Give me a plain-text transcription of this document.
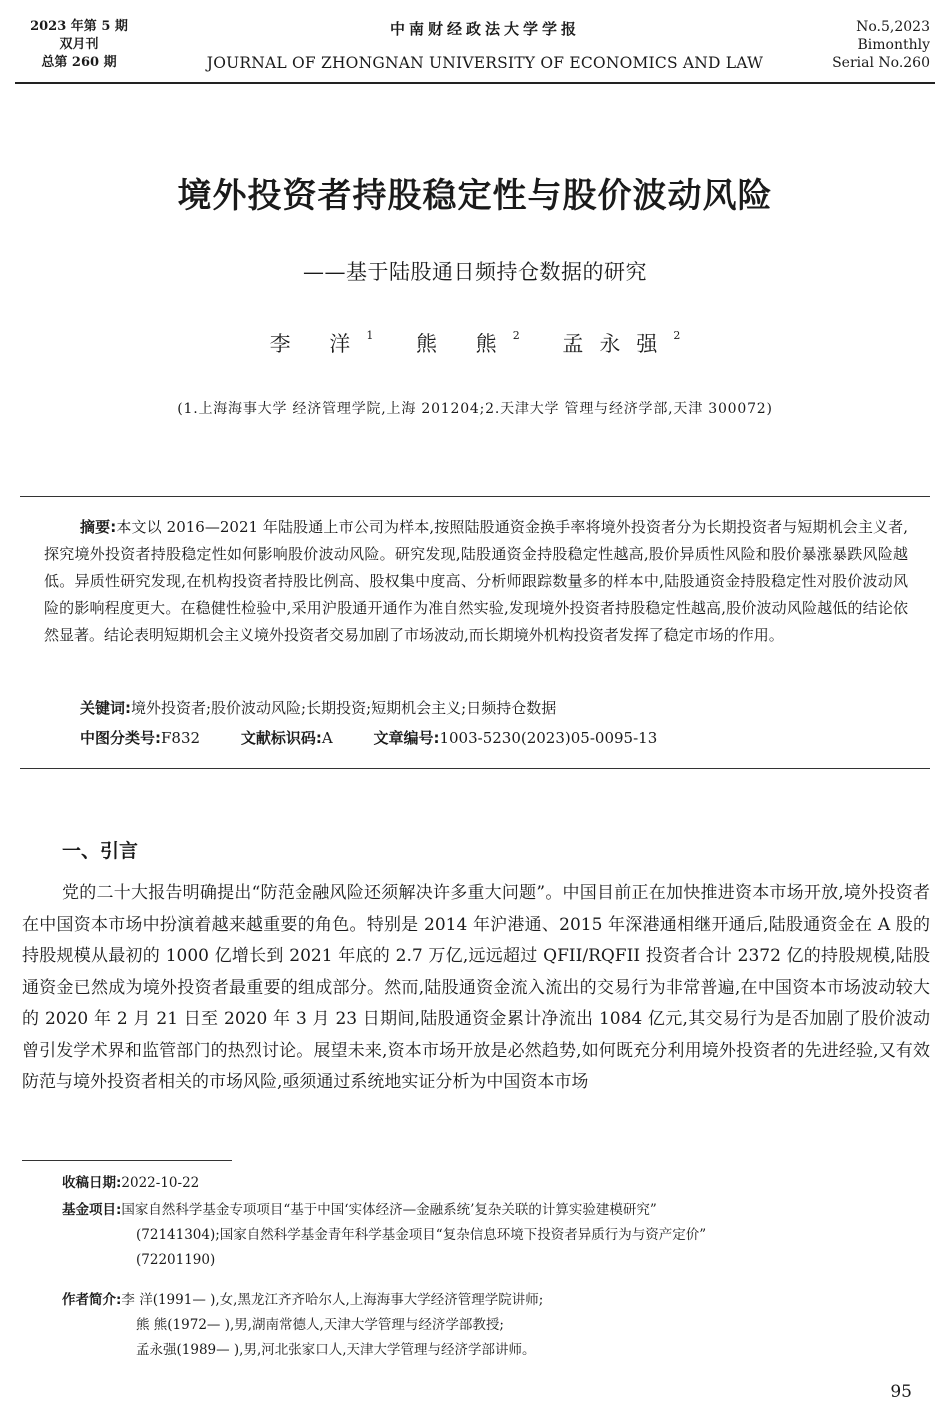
2023 年第 5 期
双月刊
总第 260 期
中南财经政法大学学报
JOURNAL OF ZHONGNAN UNIVERSITY OF ECONOMICS AND LAW
No.5,2023
Bimonthly
Serial No.260
境外投资者持股稳定性与股价波动风险
——基于陆股通日频持仓数据的研究
李 洋$^1$ 熊 熊$^2$ 孟永强$^2$
(1.上海海事大学 经济管理学院,上海 201204;2.天津大学 管理与经济学部,天津 300072)
摘要:本文以 2016—2021 年陆股通上市公司为样本,按照陆股通资金换手率将境外投资者分为长期投资者与短期机会主义者,探究境外投资者持股稳定性如何影响股价波动风险。研究发现,陆股通资金持股稳定性越高,股价异质性风险和股价暴涨暴跌风险越低。异质性研究发现,在机构投资者持股比例高、股权集中度高、分析师跟踪数量多的样本中,陆股通资金持股稳定性对股价波动风险的影响程度更大。在稳健性检验中,采用沪股通开通作为准自然实验,发现境外投资者持股稳定性越高,股价波动风险越低的结论依然显著。结论表明短期机会主义境外投资者交易加剧了市场波动,而长期境外机构投资者发挥了稳定市场的作用。
关键词:境外投资者;股价波动风险;长期投资;短期机会主义;日频持仓数据
中图分类号:F832	文献标识码:A	文章编号:1003-5230(2023)05-0095-13
一、引言
党的二十大报告明确提出“防范金融风险还须解决许多重大问题”。中国目前正在加快推进资本市场开放,境外投资者在中国资本市场中扮演着越来越重要的角色。特别是 2014 年沪港通、2015 年深港通相继开通后,陆股通资金在 A 股的持股规模从最初的 1000 亿增长到 2021 年底的 2.7 万亿,远远超过 QFII/RQFII 投资者合计 2372 亿的持股规模,陆股通资金已然成为境外投资者最重要的组成部分。然而,陆股通资金流入流出的交易行为非常普遍,在中国资本市场波动较大的 2020 年 2 月 21 日至 2020 年 3 月 23 日期间,陆股通资金累计净流出 1084 亿元,其交易行为是否加剧了股价波动曾引发学术界和监管部门的热烈讨论。展望未来,资本市场开放是必然趋势,如何既充分利用境外投资者的先进经验,又有效防范与境外投资者相关的市场风险,亟须通过系统地实证分析为中国资本市场
收稿日期:2022-10-22
基金项目:国家自然科学基金专项项目“基于中国‘实体经济—金融系统’复杂关联的计算实验建模研究”
(72141304);国家自然科学基金青年科学基金项目“复杂信息环境下投资者异质行为与资产定价”
(72201190)
作者简介:李 洋(1991— ),女,黑龙江齐齐哈尔人,上海海事大学经济管理学院讲师;
熊 熊(1972— ),男,湖南常德人,天津大学管理与经济学部教授;
孟永强(1989— ),男,河北张家口人,天津大学管理与经济学部讲师。
95
